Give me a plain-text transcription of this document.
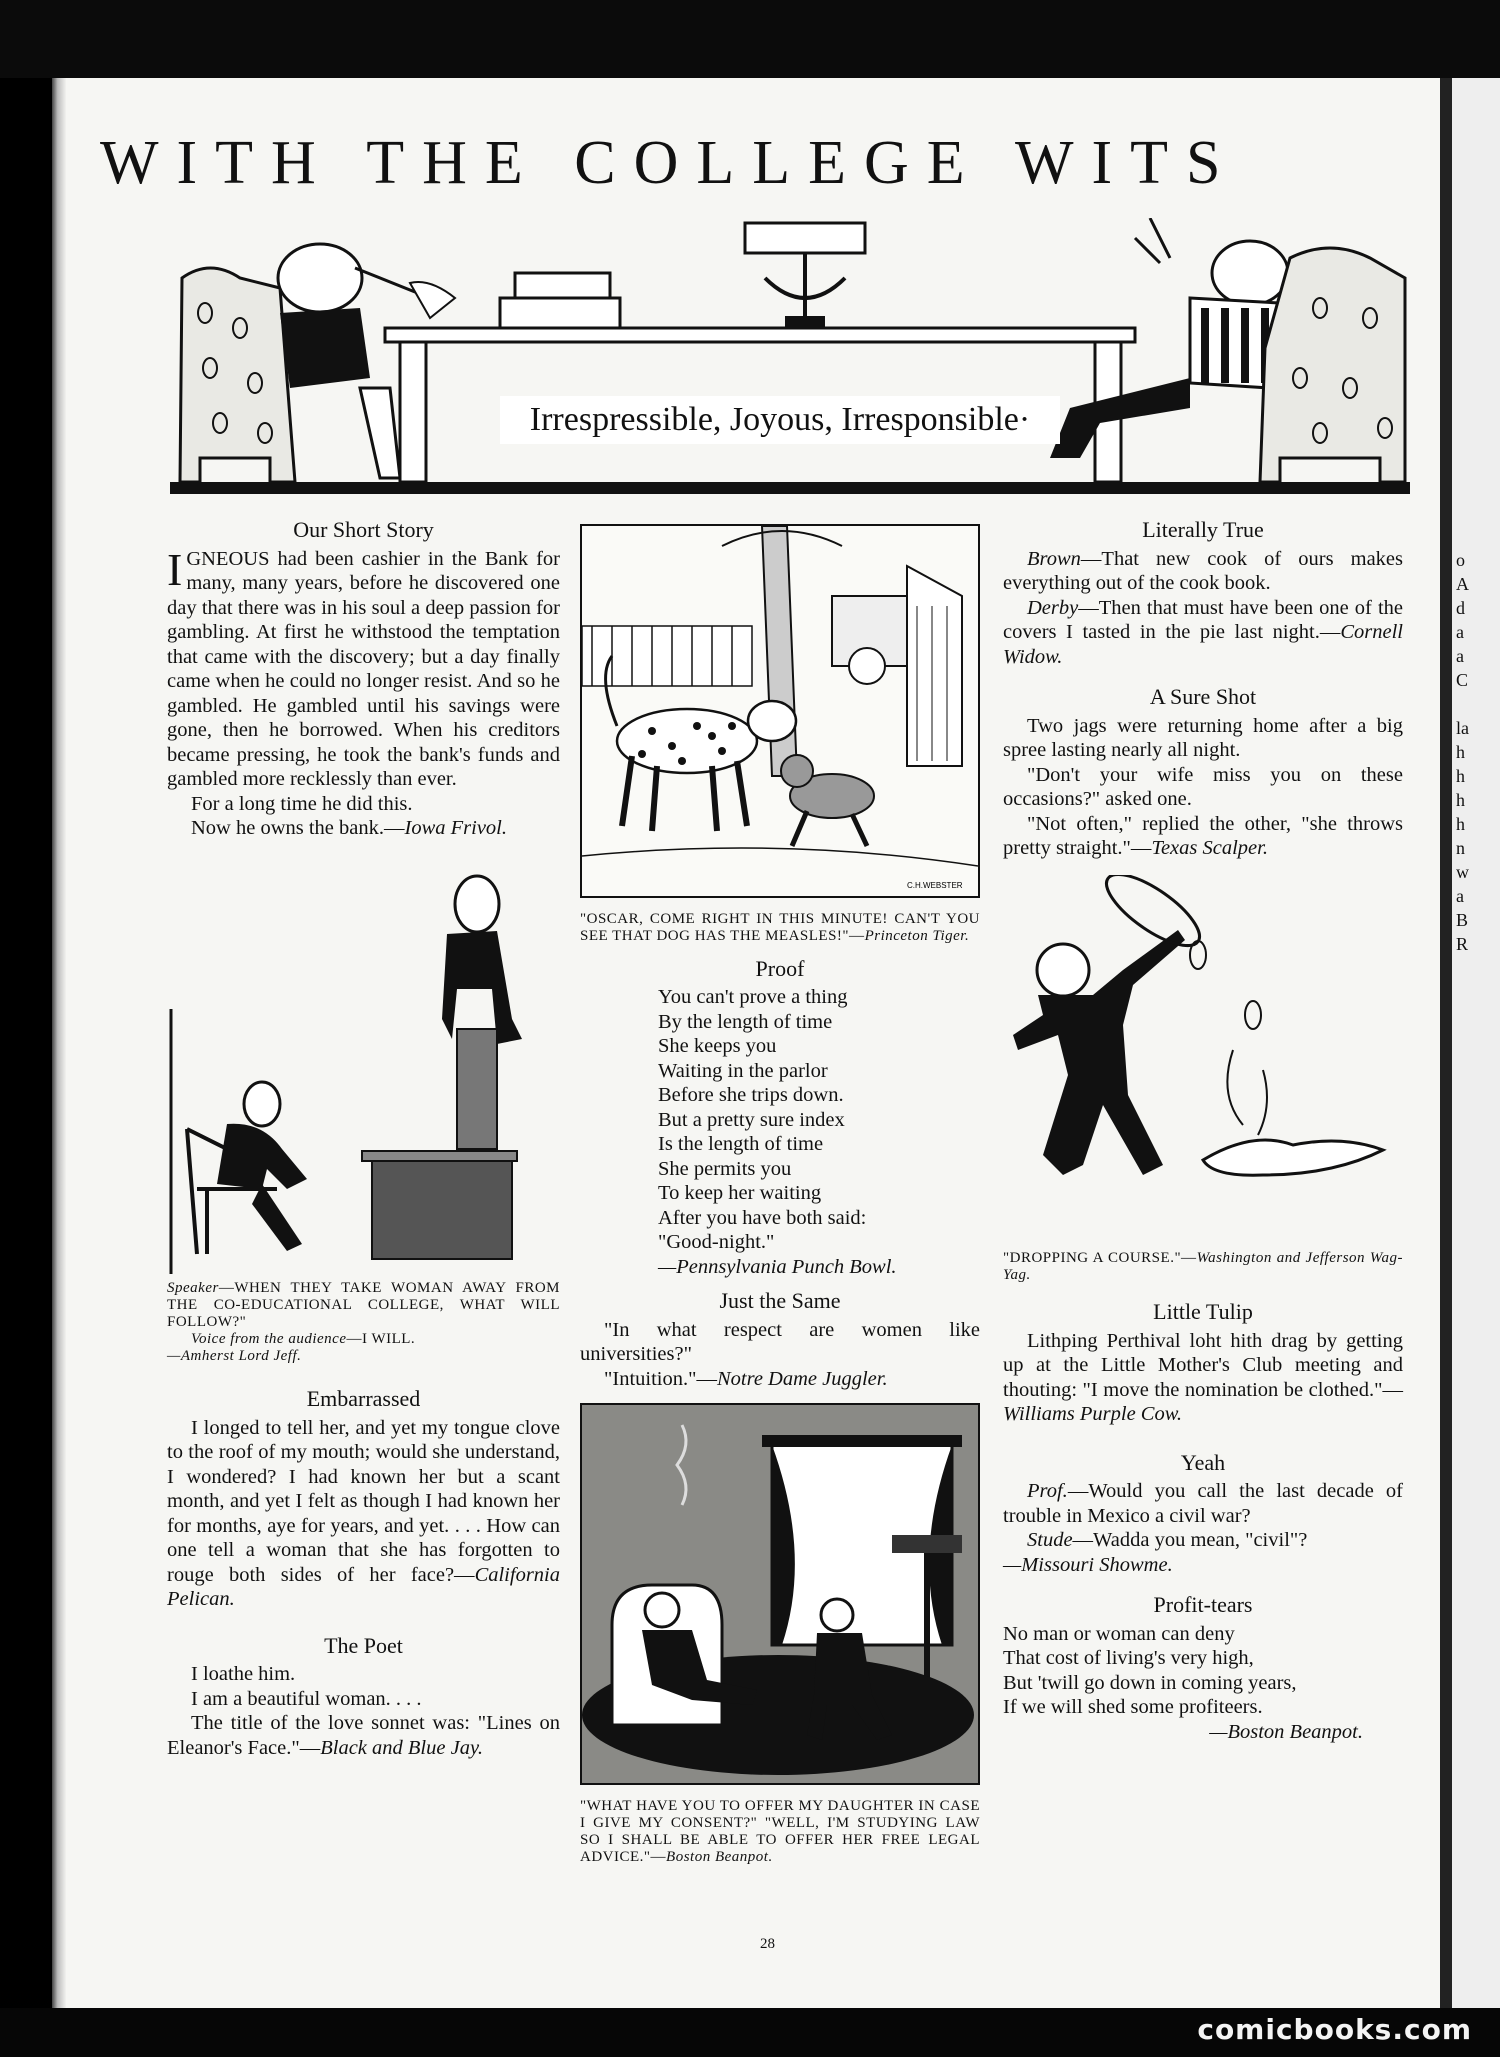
o
A
d
a
a
C
la
h
h
h
h
n
w
a
B
R
WITH THE COLLEGE WITS
Irrespressible, Joyous, Irresponsible·
Our Short Story

IGNEOUS had been cashier in the Bank for many, many years, before he discovered one day that there was in his soul a deep passion for gambling. At first he withstood the temptation that came with the discovery; but a day finally came when he could no longer resist. And so he gambled. He gambled until his savings were gone, then he borrowed. When his creditors became pressing, he took the bank's funds and gambled more recklessly than ever.

For a long time he did this.

Now he owns the bank.—Iowa Frivol.

Speaker—WHEN THEY TAKE WOMAN AWAY FROM THE CO-EDUCATIONAL COLLEGE, WHAT WILL FOLLOW?"

Voice from the audience—I WILL.

—Amherst Lord Jeff.

Embarrassed

I longed to tell her, and yet my tongue clove to the roof of my mouth; would she understand, I wondered? I had known her but a scant month, and yet I felt as though I had known her for months, aye for years, and yet. . . . How can one tell a woman that she has forgotten to rouge both sides of her face?—California Pelican.

The Poet

I loathe him.

I am a beautiful woman. . . .

The title of the love sonnet was: "Lines on Eleanor's Face."—Black and Blue Jay.

C.H.WEBSTER

"OSCAR, COME RIGHT IN THIS MINUTE! CAN'T YOU SEE THAT DOG HAS THE MEASLES!"—Princeton Tiger.

Proof

You can't prove a thing

By the length of time

She keeps you

Waiting in the parlor

Before she trips down.

But a pretty sure index

Is the length of time

She permits you

To keep her waiting

After you have both said:

"Good-night."

—Pennsylvania Punch Bowl.

Just the Same

"In what respect are women like universities?"

"Intuition."—Notre Dame Juggler.

"WHAT HAVE YOU TO OFFER MY DAUGHTER IN CASE I GIVE MY CONSENT?" "WELL, I'M STUDYING LAW SO I SHALL BE ABLE TO OFFER HER FREE LEGAL ADVICE."—Boston Beanpot.

Literally True

Brown—That new cook of ours makes everything out of the cook book.

Derby—Then that must have been one of the covers I tasted in the pie last night.—Cornell Widow.

A Sure Shot

Two jags were returning home after a big spree lasting nearly all night.

"Don't your wife miss you on these occasions?" asked one.

"Not often," replied the other, "she throws pretty straight."—Texas Scalper.

"DROPPING A COURSE."—Washington and Jefferson Wag-Yag.

Little Tulip

Lithping Perthival loht hith drag by getting up at the Little Mother's Club meeting and thouting: "I move the nomination be clothed."—Williams Purple Cow.

Yeah

Prof.—Would you call the last decade of trouble in Mexico a civil war?

Stude—Wadda you mean, "civil"?

—Missouri Showme.

Profit-tears

No man or woman can deny

That cost of living's very high,

But 'twill go down in coming years,

If we will shed some profiteers.

—Boston Beanpot.

28
comicbooks.com
